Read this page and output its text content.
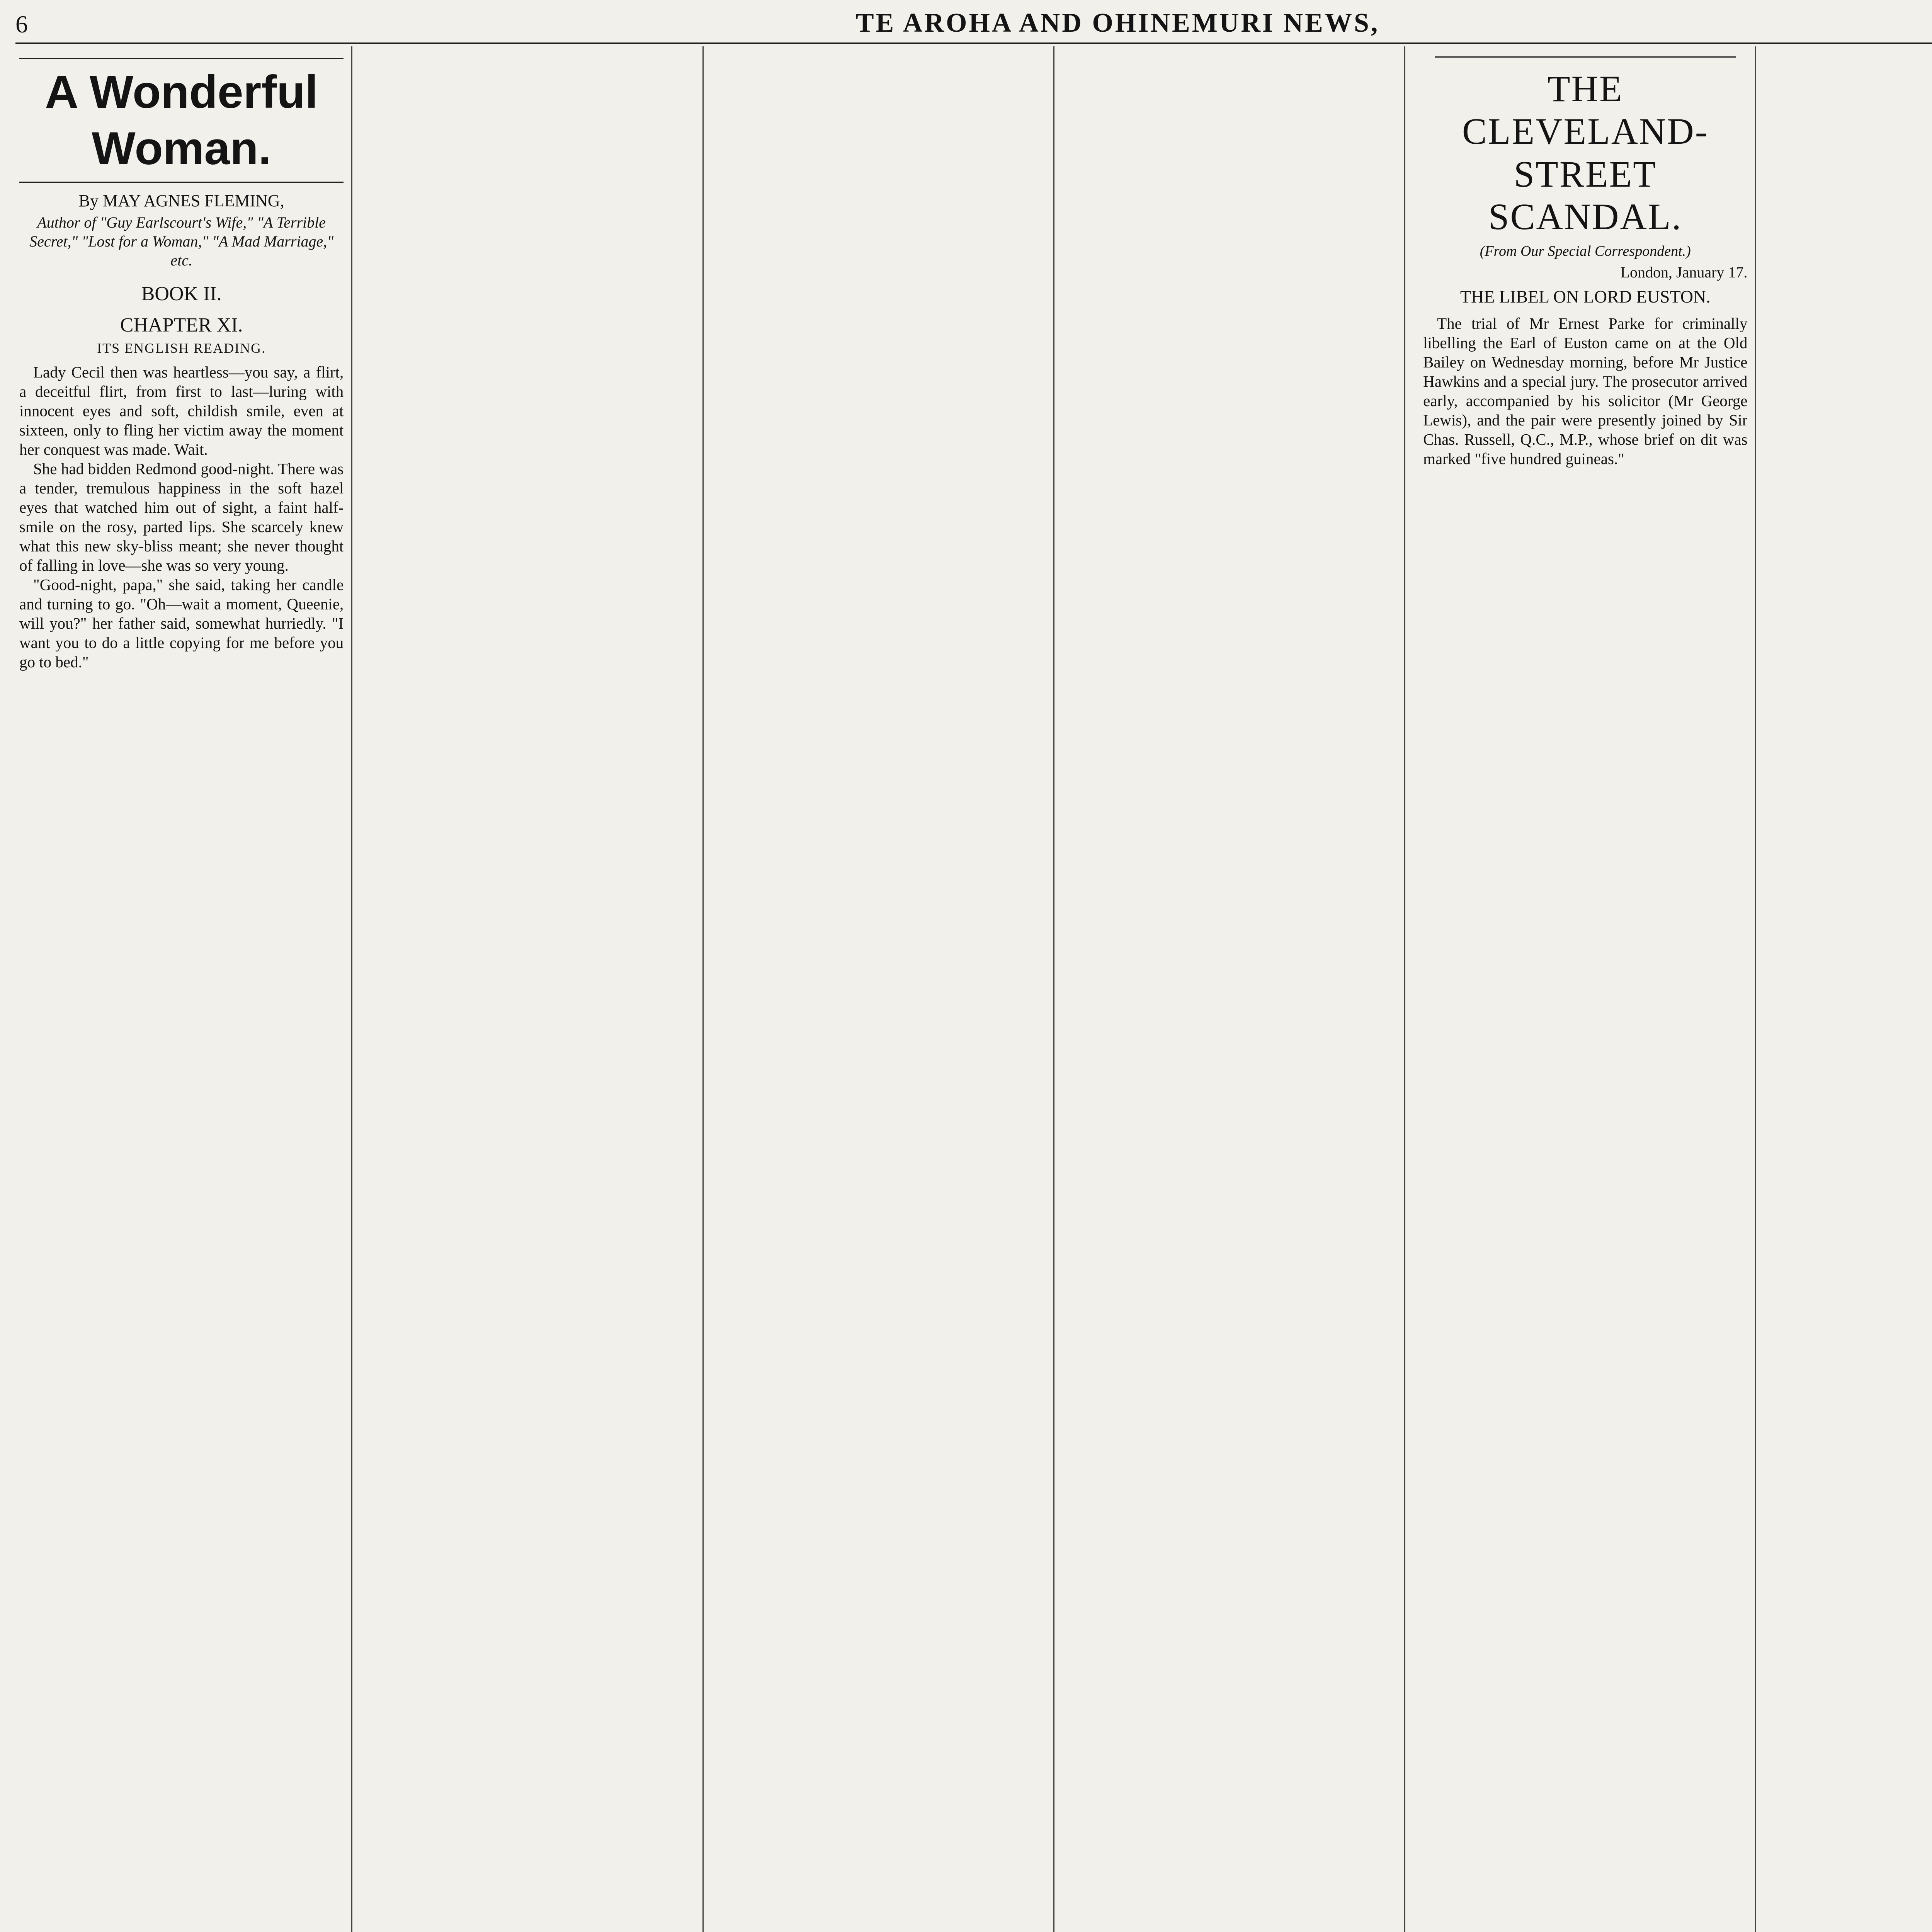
6	TE AROHA AND OHINEMURI NEWS,
A Wonderful Woman.
By MAY AGNES FLEMING,
Author of "Guy Earlscourt's Wife," "A Terrible Secret," "Lost for a Woman," "A Mad Marriage," etc.
BOOK II.
CHAPTER XI.
ITS ENGLISH READING.

Lady Cecil then was heartless—you say, a flirt, a deceitful flirt, from first to last—luring with innocent eyes and soft, childish smile, even at sixteen, only to fling her victim away the moment her conquest was made. Wait.

She had bidden Redmond good-night. There was a tender, tremulous happiness in the soft hazel eyes that watched him out of sight, a faint half-smile on the rosy, parted lips. She scarcely knew what this new sky-bliss meant; she never thought of falling in love—she was so very young.

"Good-night, papa," she said, taking her candle and turning to go. "Oh—wait a moment, Queenie, will you?" her father said, somewhat hurriedly. "I want you to do a little copying for me before you go to bed."

THE CLEVELAND-STREET SCANDAL.
(From Our Special Correspondent.)
London, January 17.
THE LIBEL ON LORD EUSTON.

The trial of Mr Ernest Parke for criminally libelling the Earl of Euston came on at the Old Bailey on Wednesday morning, before Mr Justice Hawkins and a special jury. The prosecutor arrived early, accompanied by his solicitor (Mr George Lewis), and the pair were presently joined by Sir Chas. Russell, Q.C., M.P., whose brief on dit was marked "five hundred guineas."
